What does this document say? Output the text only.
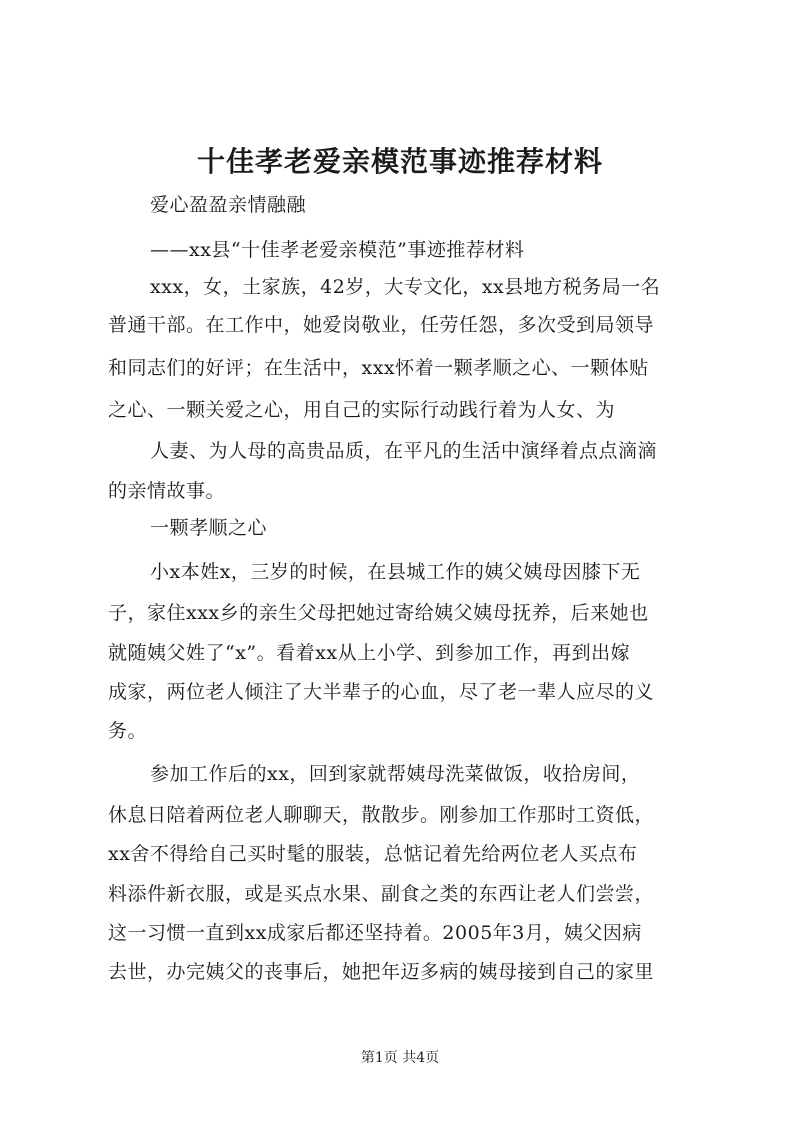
十佳孝老爱亲模范事迹推荐材料
爱心盈盈亲情融融
——xx县“十佳孝老爱亲模范”事迹推荐材料
xxx，女，土家族，42岁，大专文化，xx县地方税务局一名
普通干部。在工作中，她爱岗敬业，任劳任怨，多次受到局领导
和同志们的好评；在生活中，xxx怀着一颗孝顺之心、一颗体贴
之心、一颗关爱之心，用自己的实际行动践行着为人女、为
人妻、为人母的高贵品质，在平凡的生活中演绎着点点滴滴
的亲情故事。
一颗孝顺之心
小x本姓x，三岁的时候，在县城工作的姨父姨母因膝下无
子，家住xxx乡的亲生父母把她过寄给姨父姨母抚养，后来她也
就随姨父姓了“x”。看着xx从上小学、到参加工作，再到出嫁
成家，两位老人倾注了大半辈子的心血，尽了老一辈人应尽的义
务。
参加工作后的xx，回到家就帮姨母洗菜做饭，收拾房间，
休息日陪着两位老人聊聊天，散散步。刚参加工作那时工资低，
xx舍不得给自己买时髦的服装，总惦记着先给两位老人买点布
料添件新衣服，或是买点水果、副食之类的东西让老人们尝尝，
这一习惯一直到xx成家后都还坚持着。2005年3月，姨父因病
去世，办完姨父的丧事后，她把年迈多病的姨母接到自己的家里
第1页 共4页
